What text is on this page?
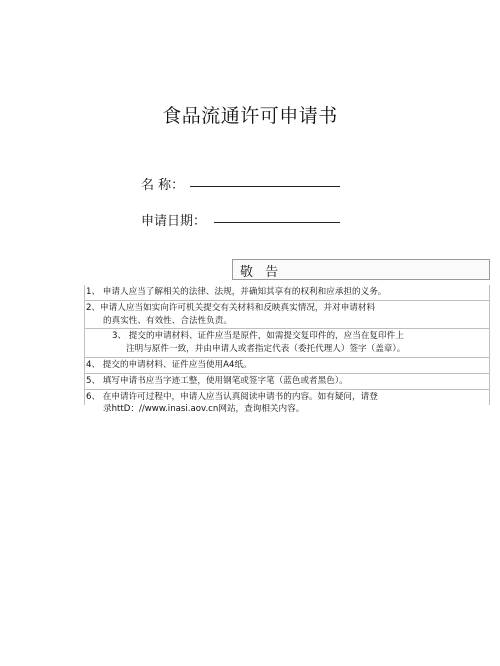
食品流通许可申请书
名 称：
申请日期：
敬 告
1、 申请人应当了解相关的法律、法规，并确知其享有的权利和应承担的义务。
2、申请人应当如实向许可机关提交有关材料和反映真实情况，并对申请材料
的真实性、有效性、合法性负责。
3、 提交的申请材料、证件应当是原件，如需提交复印件的，应当在复印件上
注明与原件一致，并由申请人或者指定代表（委托代理人）签字（盖章）。
4、 提交的申请材料、证件应当使用A4纸。
5、 填写申请书应当字迹工整，使用钢笔或签字笔（蓝色或者黑色）。
6、 在申请许可过程中，申请人应当认真阅读申请书的内容。如有疑问，请登
录httD：//www.inasi.aov.cn网站，查询相关内容。
